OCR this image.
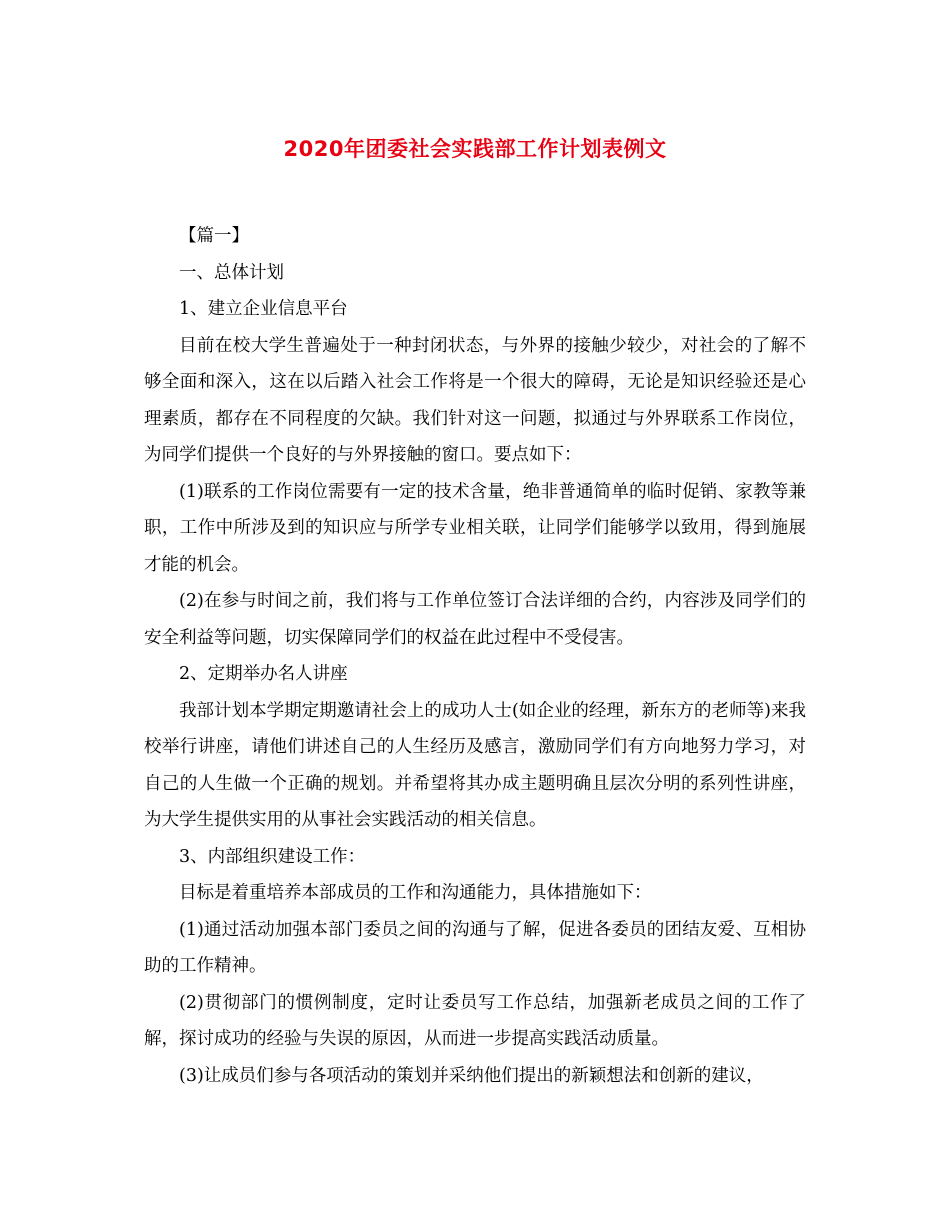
2020年团委社会实践部工作计划表例文

【篇一】

一、总体计划

1、建立企业信息平台

目前在校大学生普遍处于一种封闭状态，与外界的接触少较少，对社会的了解不够全面和深入，这在以后踏入社会工作将是一个很大的障碍，无论是知识经验还是心理素质，都存在不同程度的欠缺。我们针对这一问题，拟通过与外界联系工作岗位，为同学们提供一个良好的与外界接触的窗口。要点如下：

(1)联系的工作岗位需要有一定的技术含量，绝非普通简单的临时促销、家教等兼职，工作中所涉及到的知识应与所学专业相关联，让同学们能够学以致用，得到施展才能的机会。

(2)在参与时间之前，我们将与工作单位签订合法详细的合约，内容涉及同学们的安全利益等问题，切实保障同学们的权益在此过程中不受侵害。

2、定期举办名人讲座

我部计划本学期定期邀请社会上的成功人士(如企业的经理，新东方的老师等)来我校举行讲座，请他们讲述自己的人生经历及感言，激励同学们有方向地努力学习，对自己的人生做一个正确的规划。并希望将其办成主题明确且层次分明的系列性讲座，为大学生提供实用的从事社会实践活动的相关信息。

3、内部组织建设工作：

目标是着重培养本部成员的工作和沟通能力，具体措施如下：

(1)通过活动加强本部门委员之间的沟通与了解，促进各委员的团结友爱、互相协助的工作精神。

(2)贯彻部门的惯例制度，定时让委员写工作总结，加强新老成员之间的工作了解，探讨成功的经验与失误的原因，从而进一步提高实践活动质量。

(3)让成员们参与各项活动的策划并采纳他们提出的新颖想法和创新的建议，
